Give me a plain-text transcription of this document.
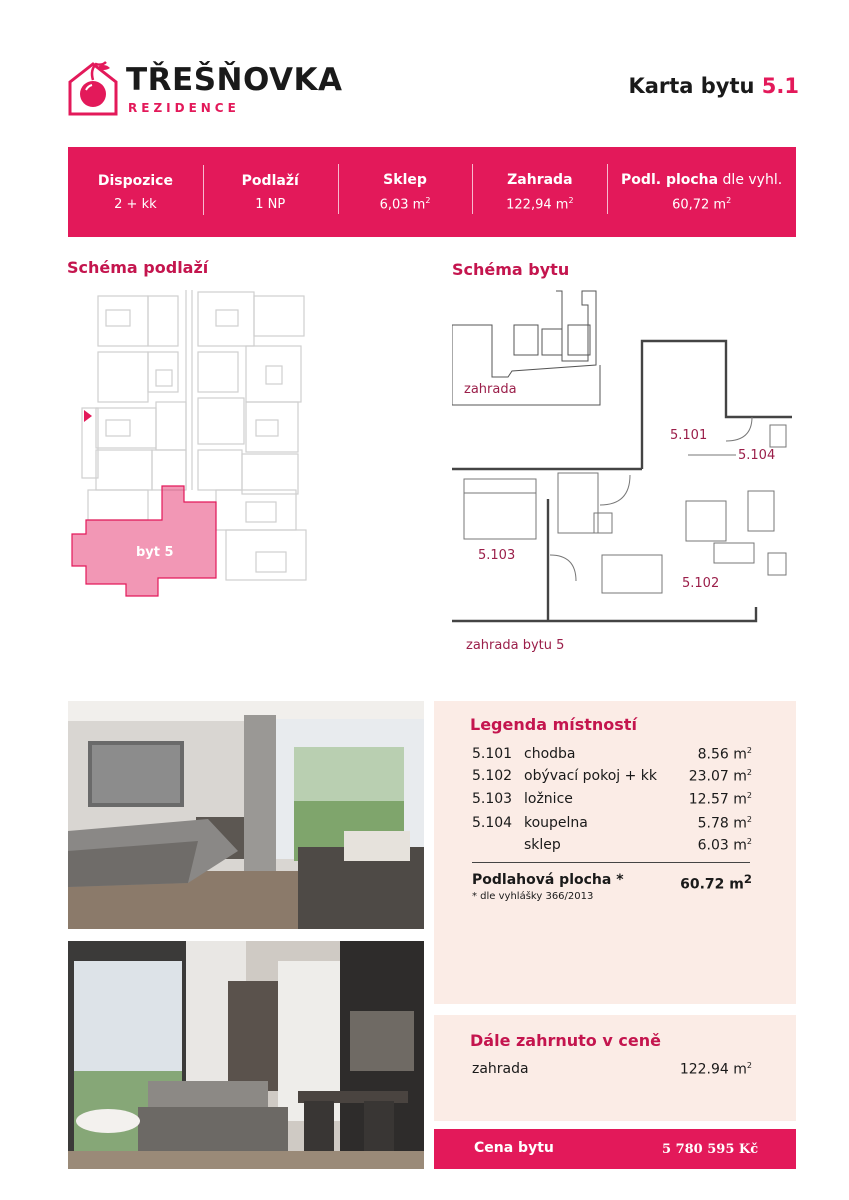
TŘEŠŇOVKA
REZIDENCE
Karta bytu 5.1
Dispozice
2 + kk
Podlaží
1 NP
Sklep
6,03 $m^2$
Zahrada
122,94 $m^2$
Podl. plocha dle vyhl.
60,72 $m^2$
Schéma podlaží	Schéma bytu
byt 5
zahrada
5.101
5.104
5.103
5.102
zahrada bytu 5
Legenda místností
5.101 chodba	8.56 $m^2$
5.102 obývací pokoj + kk 23.07 $m^2$
5.103 ložnice	12.57 $m^2$
5.104 koupelna	5.78 $m^2$
sklep	6.03 $m^2$
Podlahová plocha *	60.72 $m^2$
* dle vyhlášky 366/2013
Dále zahrnuto v ceně
zahrada	122.94 $m^2$
Cena bytu	5 780 595 Kč
